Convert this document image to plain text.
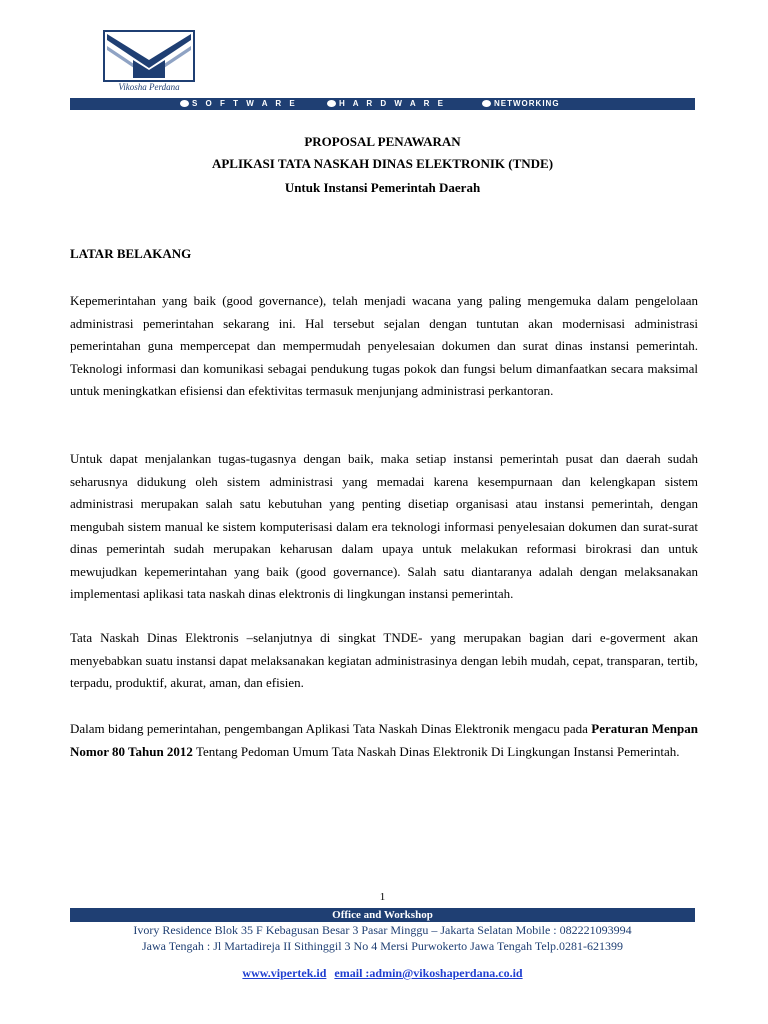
Vikosha Perdana
S O F T W A R E	H A R D W A R E	NETWORKING

PROPOSAL PENAWARAN

APLIKASI TATA NASKAH DINAS ELEKTRONIK (TNDE)

Untuk Instansi Pemerintah Daerah

LATAR BELAKANG

Kepemerintahan yang baik (good governance), telah menjadi wacana yang paling mengemuka dalam pengelolaan administrasi pemerintahan sekarang ini. Hal tersebut sejalan dengan tuntutan akan modernisasi administrasi pemerintahan guna mempercepat dan mempermudah penyelesaian dokumen dan surat dinas instansi pemerintah. Teknologi informasi dan komunikasi sebagai pendukung tugas pokok dan fungsi belum dimanfaatkan secara maksimal untuk meningkatkan efisiensi dan efektivitas termasuk menjunjang administrasi perkantoran.

Untuk dapat menjalankan tugas-tugasnya dengan baik, maka setiap instansi pemerintah pusat dan daerah sudah seharusnya didukung oleh sistem administrasi yang memadai karena kesempurnaan dan kelengkapan sistem administrasi merupakan salah satu kebutuhan yang penting disetiap organisasi atau instansi pemerintah, dengan mengubah sistem manual ke sistem komputerisasi dalam era teknologi informasi penyelesaian dokumen dan surat-surat dinas pemerintah sudah merupakan keharusan dalam upaya untuk melakukan reformasi birokrasi dan untuk mewujudkan kepemerintahan yang baik (good governance). Salah satu diantaranya adalah dengan melaksanakan implementasi aplikasi tata naskah dinas elektronis di lingkungan instansi pemerintah.

Tata Naskah Dinas Elektronis –selanjutnya di singkat TNDE- yang merupakan bagian dari e-goverment akan menyebabkan suatu instansi dapat melaksanakan kegiatan administrasinya dengan lebih mudah, cepat, transparan, tertib, terpadu, produktif, akurat, aman, dan efisien.

Dalam bidang pemerintahan, pengembangan Aplikasi Tata Naskah Dinas Elektronik mengacu pada Peraturan Menpan Nomor 80 Tahun 2012 Tentang Pedoman Umum Tata Naskah Dinas Elektronik Di Lingkungan Instansi Pemerintah.

1
Office and Workshop
Ivory Residence Blok 35 F Kebagusan Besar 3 Pasar Minggu – Jakarta Selatan Mobile : 082221093994
Jawa Tengah : Jl Martadireja II Sithinggil 3 No 4 Mersi Purwokerto Jawa Tengah Telp.0281-621399
www.vipertek.id email :admin@vikoshaperdana.co.id
